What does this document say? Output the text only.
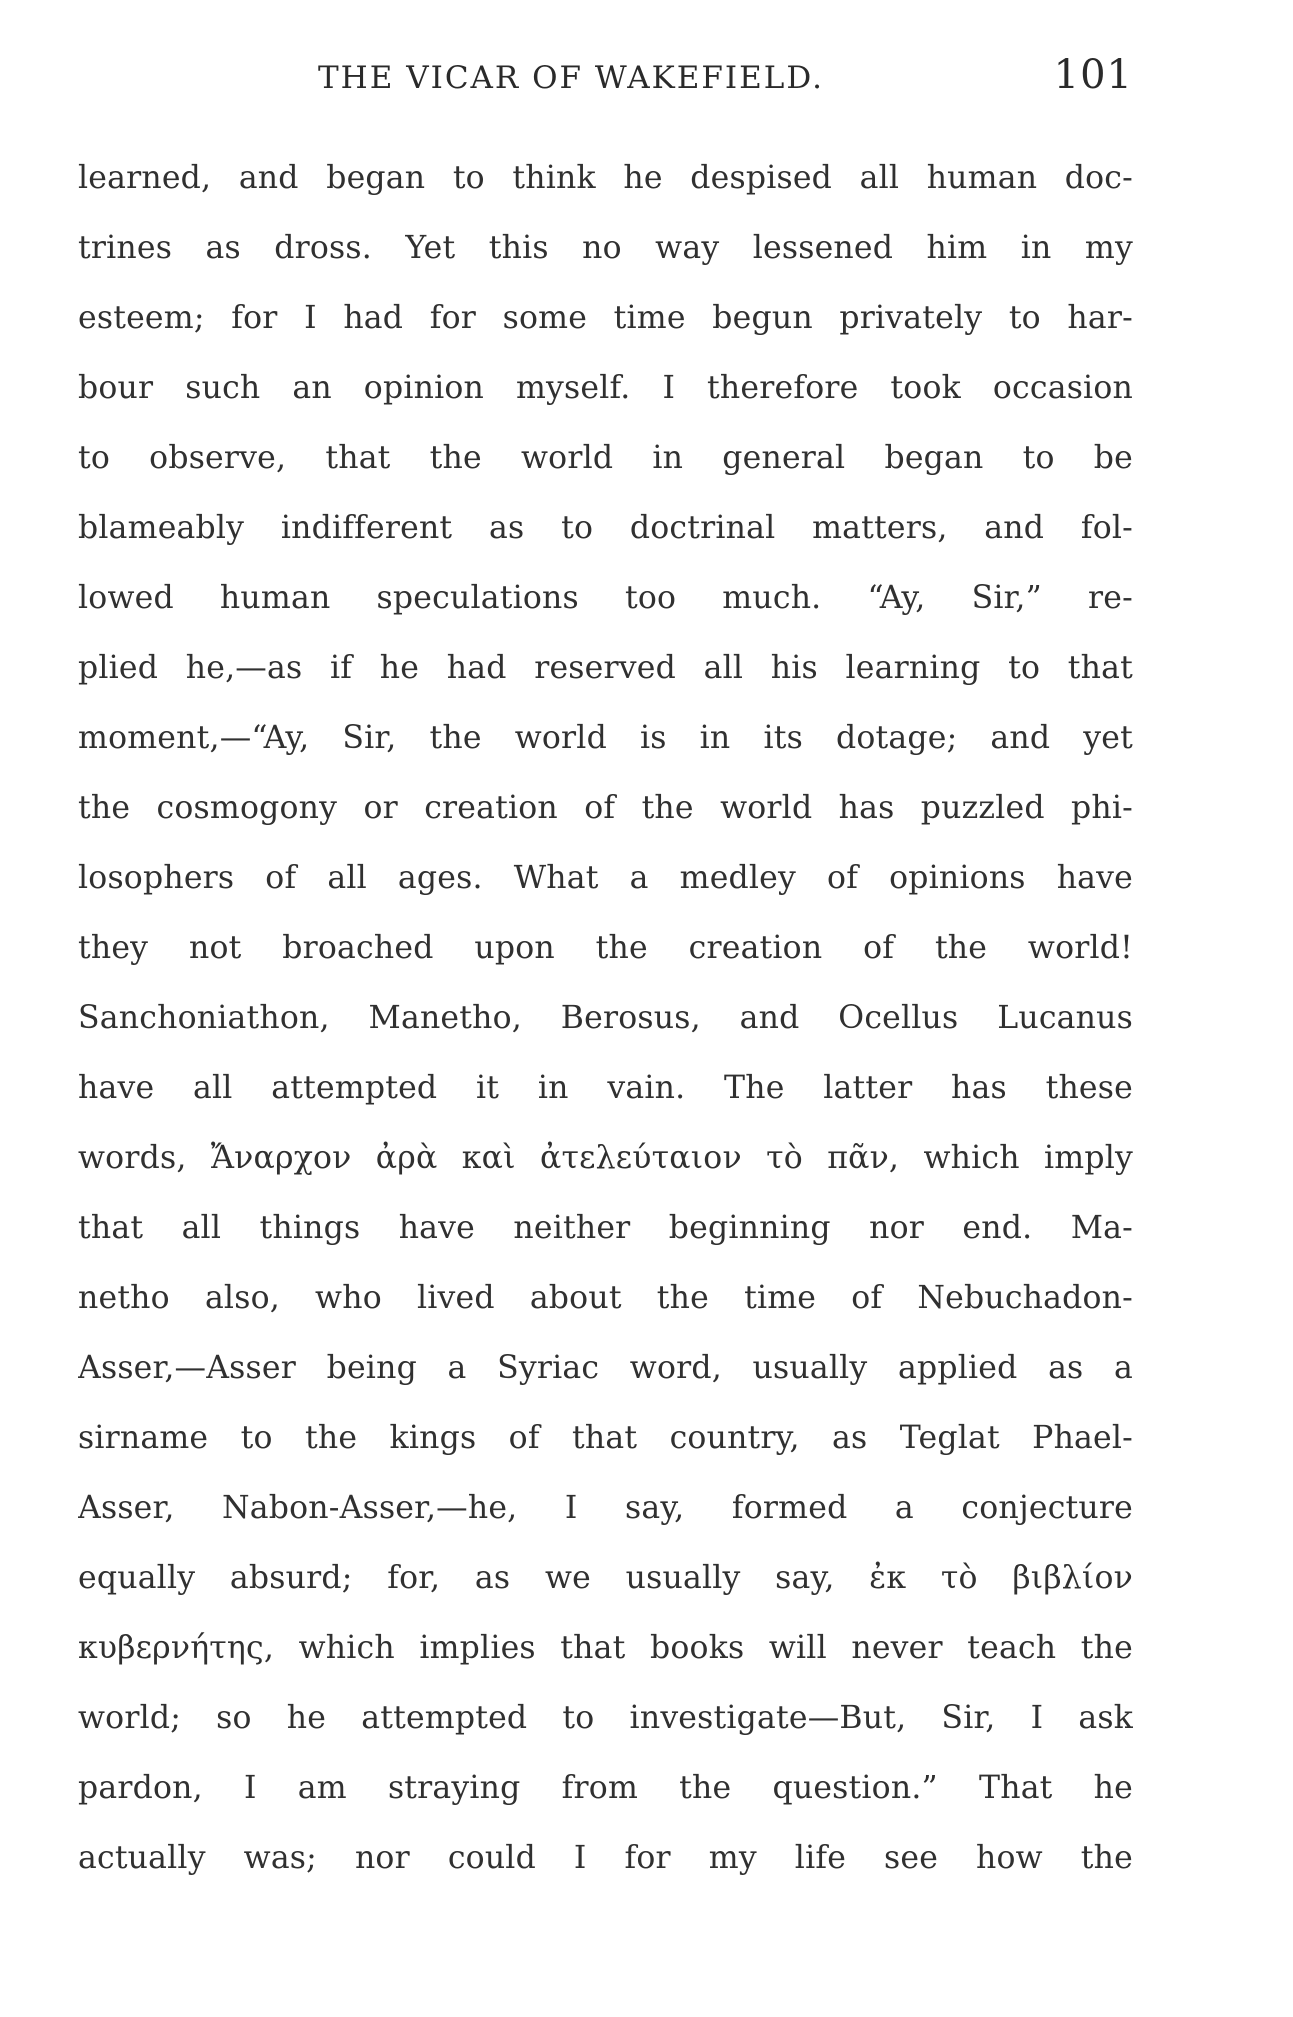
THE VICAR OF WAKEFIELD.	101
learned, and began to think he despised all human doc-
trines as dross. Yet this no way lessened him in my
esteem; for I had for some time begun privately to har-
bour such an opinion myself. I therefore took occasion
to observe, that the world in general began to be
blameably indifferent as to doctrinal matters, and fol-
lowed human speculations too much. “Ay, Sir,” re-
plied he,—as if he had reserved all his learning to that
moment,—“Ay, Sir, the world is in its dotage; and yet
the cosmogony or creation of the world has puzzled phi-
losophers of all ages. What a medley of opinions have
they not broached upon the creation of the world!
Sanchoniathon, Manetho, Berosus, and Ocellus Lucanus
have all attempted it in vain. The latter has these
words, Ἄναρχον ἀρὰ καὶ ἀτελεύταιον τὸ πᾶν, which imply
that all things have neither beginning nor end. Ma-
netho also, who lived about the time of Nebuchadon-
Asser,—Asser being a Syriac word, usually applied as a
sirname to the kings of that country, as Teglat Phael-
Asser, Nabon-Asser,—he, I say, formed a conjecture
equally absurd; for, as we usually say, ἐκ τὸ βιβλίον
κυβερνήτης, which implies that books will never teach the
world; so he attempted to investigate—But, Sir, I ask
pardon, I am straying from the question.” That he
actually was; nor could I for my life see how the
